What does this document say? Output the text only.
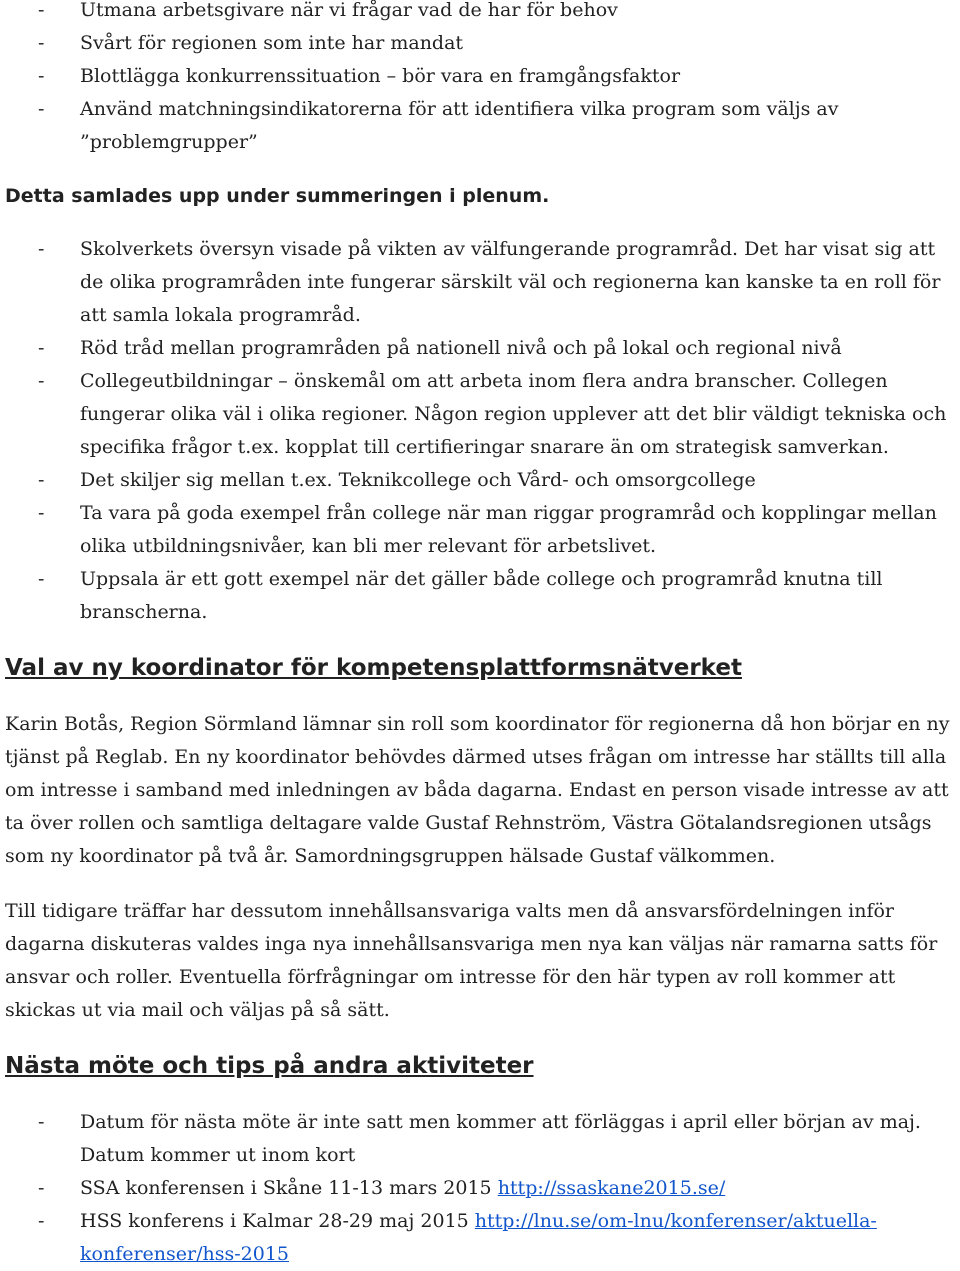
- Utmana arbetsgivare när vi frågar vad de har för behov
- Svårt för regionen som inte har mandat
- Blottlägga konkurrenssituation – bör vara en framgångsfaktor
- Använd matchningsindikatorerna för att identifiera vilka program som väljs av ”problemgrupper”
Detta samlades upp under summeringen i plenum.
- Skolverkets översyn visade på vikten av välfungerande programråd. Det har visat sig att de olika programråden inte fungerar särskilt väl och regionerna kan kanske ta en roll för att samla lokala programråd.
- Röd tråd mellan programråden på nationell nivå och på lokal och regional nivå
- Collegeutbildningar – önskemål om att arbeta inom flera andra branscher. Collegen fungerar olika väl i olika regioner. Någon region upplever att det blir väldigt tekniska och specifika frågor t.ex. kopplat till certifieringar snarare än om strategisk samverkan.
- Det skiljer sig mellan t.ex. Teknikcollege och Vård- och omsorgcollege
- Ta vara på goda exempel från college när man riggar programråd och kopplingar mellan olika utbildningsnivåer, kan bli mer relevant för arbetslivet.
- Uppsala är ett gott exempel när det gäller både college och programråd knutna till branscherna.
Val av ny koordinator för kompetensplattformsnätverket

Karin Botås, Region Sörmland lämnar sin roll som koordinator för regionerna då hon börjar en ny tjänst på Reglab. En ny koordinator behövdes därmed utses frågan om intresse har ställts till alla om intresse i samband med inledningen av båda dagarna. Endast en person visade intresse av att ta över rollen och samtliga deltagare valde Gustaf Rehnström, Västra Götalandsregionen utsågs som ny koordinator på två år. Samordningsgruppen hälsade Gustaf välkommen.

Till tidigare träffar har dessutom innehållsansvariga valts men då ansvarsfördelningen inför dagarna diskuteras valdes inga nya innehållsansvariga men nya kan väljas när ramarna satts för ansvar och roller. Eventuella förfrågningar om intresse för den här typen av roll kommer att skickas ut via mail och väljas på så sätt.

Nästa möte och tips på andra aktiviteter
- Datum för nästa möte är inte satt men kommer att förläggas i april eller början av maj. Datum kommer ut inom kort
- SSA konferensen i Skåne 11-13 mars 2015 http://ssaskane2015.se/
- HSS konferens i Kalmar 28-29 maj 2015 http://lnu.se/om-lnu/konferenser/aktuella-konferenser/hss-2015
